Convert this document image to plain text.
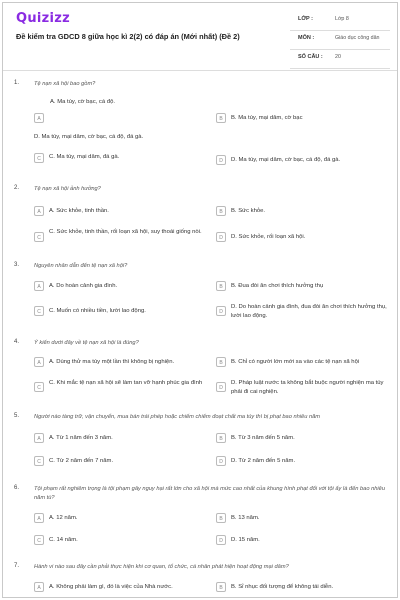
Quizizz
Đề kiểm tra GDCD 8 giữa học kì 2(2) có đáp án (Mới nhất) (Đề 2)
LỚP :	Lớp 8
MÔN :	Giáo dục công dân
SỐ CÂU : 20
1.	Tệ nạn xã hội bao gồm?
A. Ma túy, cờ bạc, cá độ.
A	B	B. Ma túy, mại dâm, cờ bạc
D. Ma túy, mại dâm, cờ bạc, cá độ, đá gà.
C	C. Ma túy, mại dâm, đá gà.
D	D. Ma túy, mại dâm, cờ bạc, cá độ, đá gà.
2.	Tệ nạn xã hội ảnh hưởng?
A	A. Sức khỏe, tinh thần.	B	B. Sức khỏe.
C
C. Sức khỏe, tinh thần, rối loạn xã hội, suy thoái giống nòi.
D	D. Sức khỏe, rối loạn xã hội.
3.	Nguyên nhân dẫn đến tệ nạn xã hội?
A	A. Do hoàn cảnh gia đình.	B	B. Đua đòi ăn chơi thích hưởng thụ
C	C. Muốn có nhiều tiền, lười lao động.	D
D. Do hoàn cảnh gia đình, đua đòi ăn chơi thích hưởng thụ, lười lao động.
4.	Ý kiến dưới đây về tệ nạn xã hội là đúng?
A	A. Dùng thử ma túy một lần thì không bị nghiện.	B	B. Chỉ có người lớn mới sa vào các tệ nạn xã hội
C
C. Khi mắc tệ nạn xã hội sẽ làm tan vỡ hạnh phúc gia đình
D
D. Pháp luật nước ta không bắt buộc người nghiện ma túy phải đi cai nghiện.
5.	Người nào tàng trữ, vận chuyển, mua bán trái phép hoặc chiếm chiếm đoạt chất ma túy thì bị phạt bao nhiêu năm
A	A. Từ 1 năm đến 3 năm.	B	B. Từ 3 năm đến 5 năm.
C	C. Từ 2 năm đến 7 năm.	D	D. Từ 2 năm đến 5 năm.
6.	Tội phạm rất nghiêm trọng là tội phạm gây nguy hại rất lớn cho xã hội mà mức cao nhất của khung hình phạt đối với tội ấy là đến bao nhiêu năm tù?
A	A. 12 năm.	B	B. 13 năm.
C	C. 14 năm.	D	D. 15 năm.
7.	Hành vi nào sau đây cần phải thực hiện khi cơ quan, tổ chức, cá nhân phát hiện hoạt động mại dâm?
A	A. Không phải làm gì, đó là việc của Nhà nước.	B	B. Sỉ nhục đối tượng để không tái diễn.
